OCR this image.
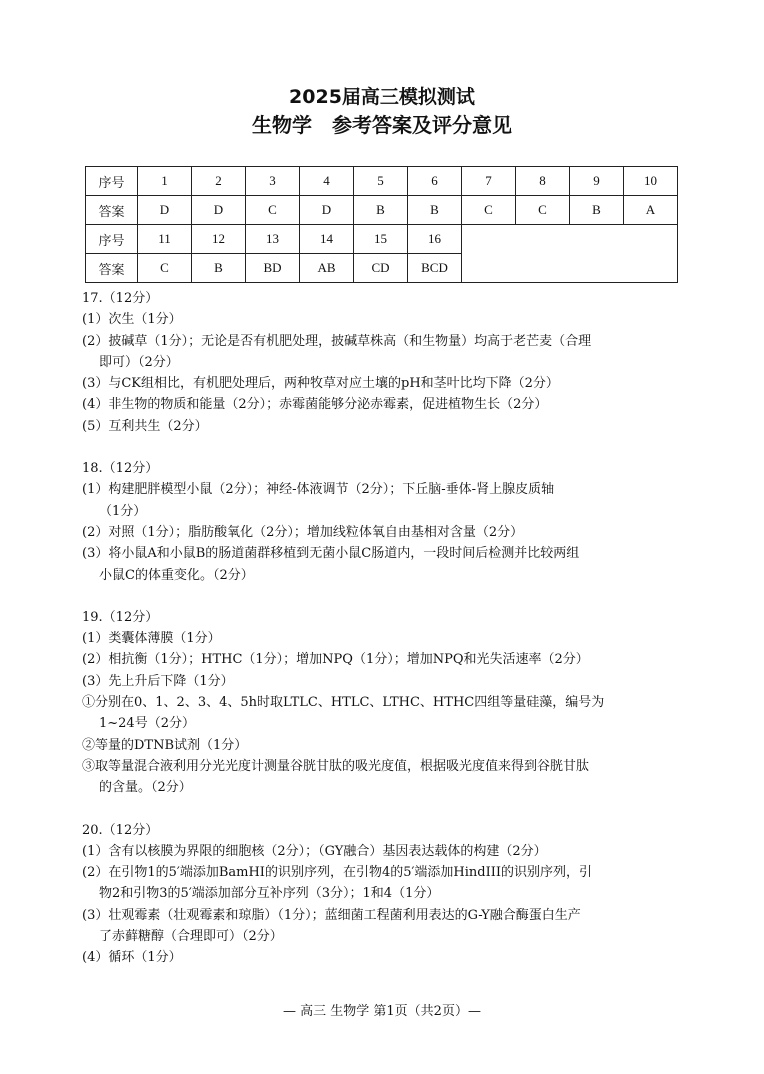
2025届高三模拟测试
生物学　参考答案及评分意见
序号	1	2	3	4	5	6	7	8	9	10
答案	D	D	C	D	B	B	C	C	B	A
序号	11	12	13	14	15	16				
答案	C	B	BD	AB	CD	BCD				
17.（12分）
(1）次生（1分）
(2）披碱草（1分）；无论是否有机肥处理，披碱草株高（和生物量）均高于老芒麦（合理
即可）（2分）
(3）与CK组相比，有机肥处理后，两种牧草对应土壤的pH和茎叶比均下降（2分）
(4）非生物的物质和能量（2分）；赤霉菌能够分泌赤霉素，促进植物生长（2分）
(5）互利共生（2分）
18.（12分）
(1）构建肥胖模型小鼠（2分）；神经-体液调节（2分）；下丘脑-垂体-肾上腺皮质轴
（1分）
(2）对照（1分）；脂肪酸氧化（2分）；增加线粒体氧自由基相对含量（2分）
(3）将小鼠A和小鼠B的肠道菌群移植到无菌小鼠C肠道内，一段时间后检测并比较两组
小鼠C的体重变化。（2分）
19.（12分）
(1）类囊体薄膜（1分）
(2）相抗衡（1分）；HTHC（1分）；增加NPQ（1分）；增加NPQ和光失活速率（2分）
(3）先上升后下降（1分）
①分别在0、1、2、3、4、5h时取LTLC、HTLC、LTHC、HTHC四组等量硅藻，编号为
1~24号（2分）
②等量的DTNB试剂（1分）
③取等量混合液利用分光光度计测量谷胱甘肽的吸光度值，根据吸光度值来得到谷胱甘肽
的含量。（2分）
20.（12分）
(1）含有以核膜为界限的细胞核（2分）；（GY融合）基因表达载体的构建（2分）
(2）在引物1的5′端添加BamHI的识别序列，在引物4的5′端添加HindIII的识别序列，引
物2和引物3的5′端添加部分互补序列（3分）；1和4（1分）
(3）壮观霉素（壮观霉素和琼脂）（1分）；蓝细菌工程菌利用表达的G-Y融合酶蛋白生产
了赤藓糖醇（合理即可）（2分）
(4）循环（1分）
— 高三 生物学 第1页（共2页）—
